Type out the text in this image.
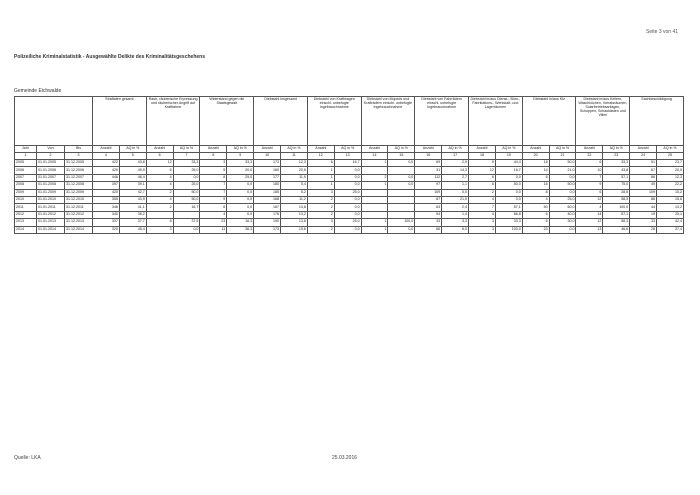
Seite 3 von 41
Polizeiliche Kriminalstatistik - Ausgewählte Delikte des Kriminalitätsgeschehens
Gemeinde Eichwalde
			Straftaten gesamt		Raub, räuberische Erpressung und räuberischer Angriff auf Kraftfahrer		Widerstand gegen die Staatsgewalt		Diebstahl insgesamt		Diebstahl von Kraftwagen einschl. unbefugte Ingebrauchnahme		Diebstahl von Mopeds und Krafträdern einschl. unbefugte Ingebrauchnahme		Diebstahl von Fahrrädern einschl. unbefugte Ingebrauchnahme		Diebstahl in/aus Dienst-, Büro-, Fabrikations-, Werkstatt- und Lagerräumen		Diebstahl in/aus Kfz		Diebstahl in/aus Kellern, Waschküchen, Vorratsräumen, Solarbetriebsanlagen, Schuppen, Schaukästen und Villen		Sachbeschädigung	
Jahr	Von	Bis	Anzahl	AQ in %	Anzahl	AQ in %	Anzahl	AQ in %	Anzahl	AQ in %	Anzahl	AQ in %	Anzahl	AQ in %	Anzahl	AQ in %	Anzahl	AQ in %	Anzahl	AQ in %	Anzahl	AQ in %	Anzahl	AQ in %
1	2	3	4	5	6	7	8	9	10	11	12	13	14	15	16	17	18	19	20	21	22	23	24	25
2005	01.01.2005	31.12.2005	422	43,8	12	33,3	3	33,3	173	12,3	6	16,7	1	0,0	69	2,9	9	44,4	16	50,0	6	33,3	51	23,7
2006	01.01.2006	31.12.2006	429	49,9	6	25,0	5	20,0	160	20,6	1	0,0			31	14,3	12	16,7	14	21,0	10	43,8	67	20,9
2007	01.01.2007	31.12.2007	446	46,4	4	0,0	8	25,0	177	11,9	1	0,0	2	0,0	112	2,7	6	0,0	6	0,0	7	57,1	86	12,3
2008	01.01.2008	31.12.2008	397	39,1	4	25,0	7	0,0	180	5,4	1	0,0	1	0,0	97	1,1	6	50,0	16	50,0	9	75,0	49	22,2
2009	01.01.2009	31.12.2009	420	42,7	2	50,0	7	0,0	185	5,2	3	25,0			109	0,0	2	0,0	8	0,0	6	28,6	109	15,2
2010	01.01.2010	31.12.2010	355	43,9	4	50,0	9	0,0	168	11,2	2	0,0			87	21,0	4	0,0	4	25,0	12	58,3	86	15,6
2011	01.01.2011	31.12.2011	346	41,1	2	16,7	6	0,0	187	13,8	2	0,0			63	2,4	7	57,1	50	60,0	4	100,0	44	13,2
2012	01.01.2012	31.12.2012	340	36,2			4	0,0	176	13,2	2	0,0			54	1,4	4	66,8	6	40,0	14	57,1	19	25,1
2013	01.01.2013	31.12.2013	337	37,7	8	37,5	23	16,3	190	13,8	3	25,0	1	100,0	33	3,3	3	33,3	6	30,0	12	58,3	33	42,4
2014	01.01.2014	31.12.2014	320	45,4	3	0,0	11	36,3	173	15,6	2	0,0	1	0,0	66	6,0	3	100,0	23	0,0	13	46,6	26	37,4
Quelle: LKA	25.03.2016
